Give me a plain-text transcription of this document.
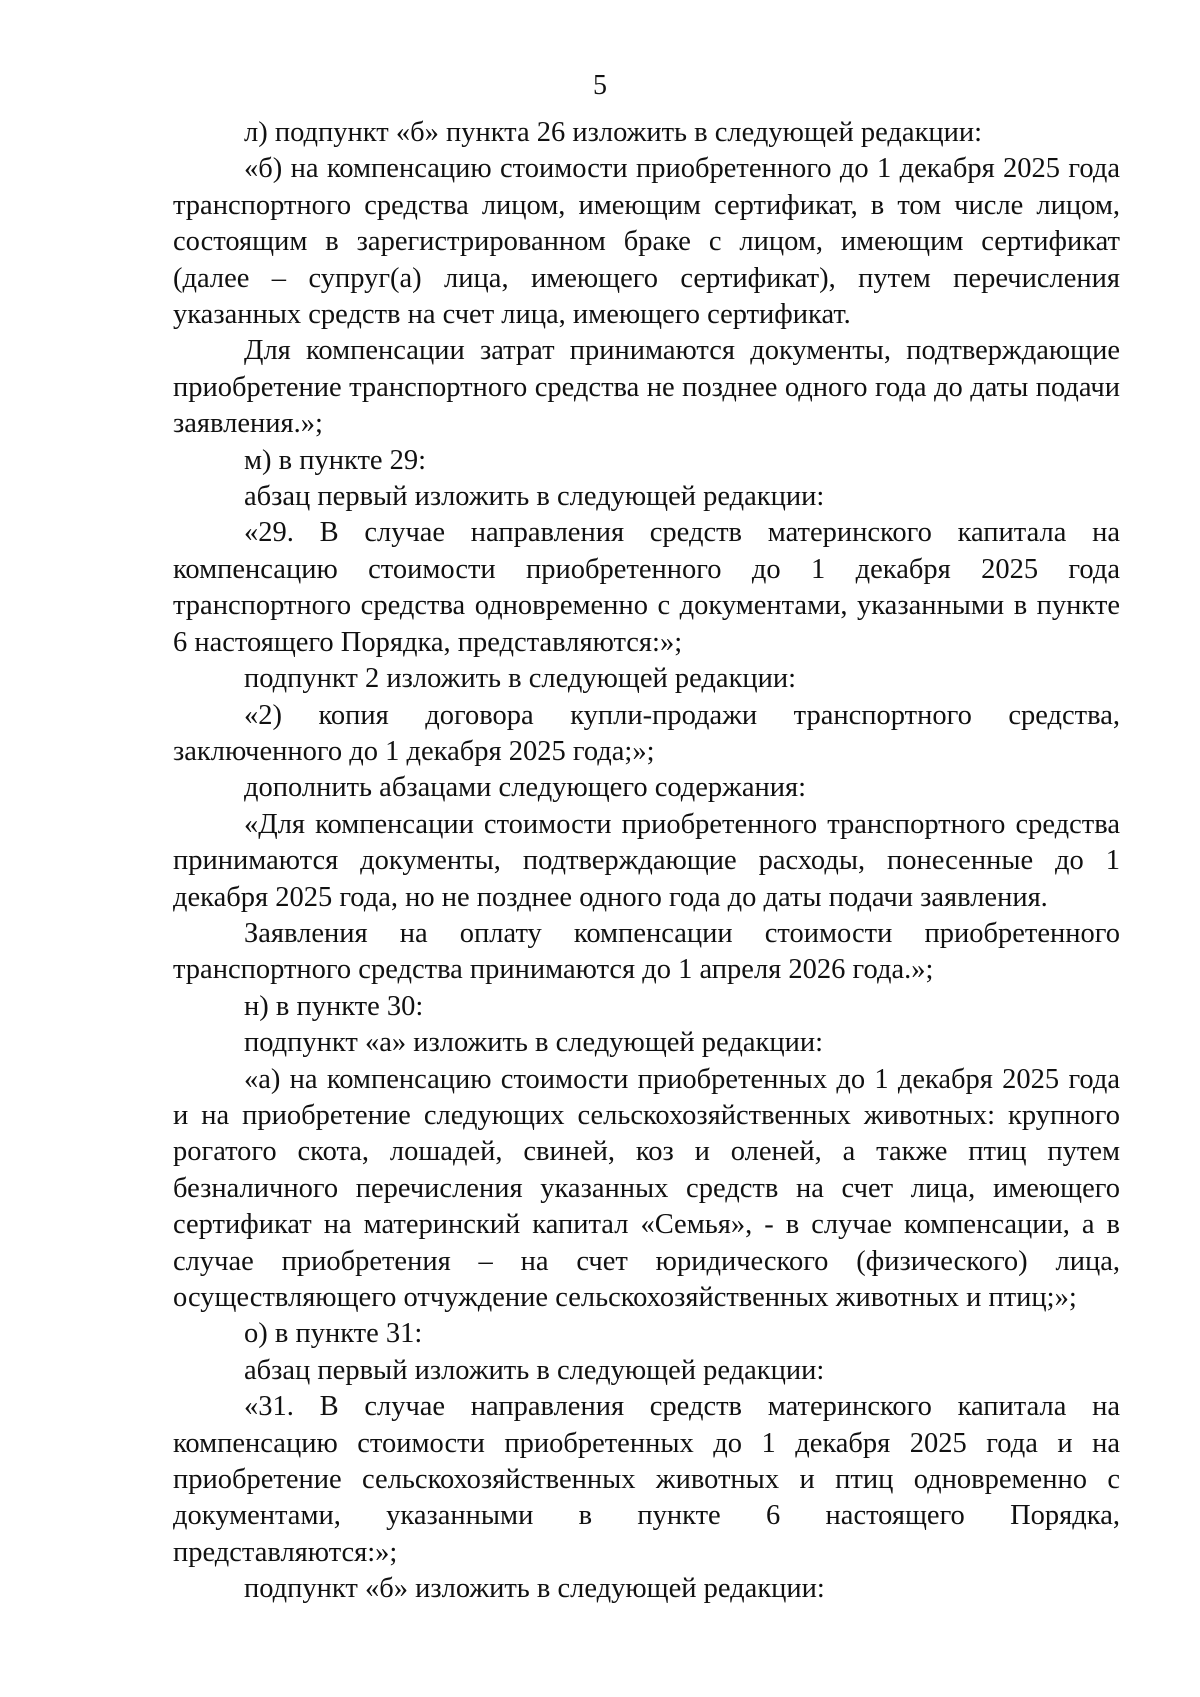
5

л) подпункт «б» пункта 26 изложить в следующей редакции:

«б) на компенсацию стоимости приобретенного до 1 декабря 2025 года транспортного средства лицом, имеющим сертификат, в том числе лицом, состоящим в зарегистрированном браке с лицом, имеющим сертификат (далее – супруг(а) лица, имеющего сертификат), путем перечисления указанных средств на счет лица, имеющего сертификат.

Для компенсации затрат принимаются документы, подтверждающие приобретение транспортного средства не позднее одного года до даты подачи заявления.»;

м) в пункте 29:

абзац первый изложить в следующей редакции:

«29. В случае направления средств материнского капитала на компенсацию стоимости приобретенного до 1 декабря 2025 года транспортного средства одновременно с документами, указанными в пункте 6 настоящего Порядка, представляются:»;

подпункт 2 изложить в следующей редакции:

«2) копия договора купли-продажи транспортного средства, заключенного до 1 декабря 2025 года;»;

дополнить абзацами следующего содержания:

«Для компенсации стоимости приобретенного транспортного средства принимаются документы, подтверждающие расходы, понесенные до 1 декабря 2025 года, но не позднее одного года до даты подачи заявления.

Заявления на оплату компенсации стоимости приобретенного транспортного средства принимаются до 1 апреля 2026 года.»;

н) в пункте 30:

подпункт «а» изложить в следующей редакции:

«а) на компенсацию стоимости приобретенных до 1 декабря 2025 года и на приобретение следующих сельскохозяйственных животных: крупного рогатого скота, лошадей, свиней, коз и оленей, а также птиц путем безналичного перечисления указанных средств на счет лица, имеющего сертификат на материнский капитал «Семья», - в случае компенсации, а в случае приобретения – на счет юридического (физического) лица, осуществляющего отчуждение сельскохозяйственных животных и птиц;»;

о) в пункте 31:

абзац первый изложить в следующей редакции:

«31. В случае направления средств материнского капитала на компенсацию стоимости приобретенных до 1 декабря 2025 года и на приобретение сельскохозяйственных животных и птиц одновременно с документами, указанными в пункте 6 настоящего Порядка, представляются:»;

подпункт «б» изложить в следующей редакции:
